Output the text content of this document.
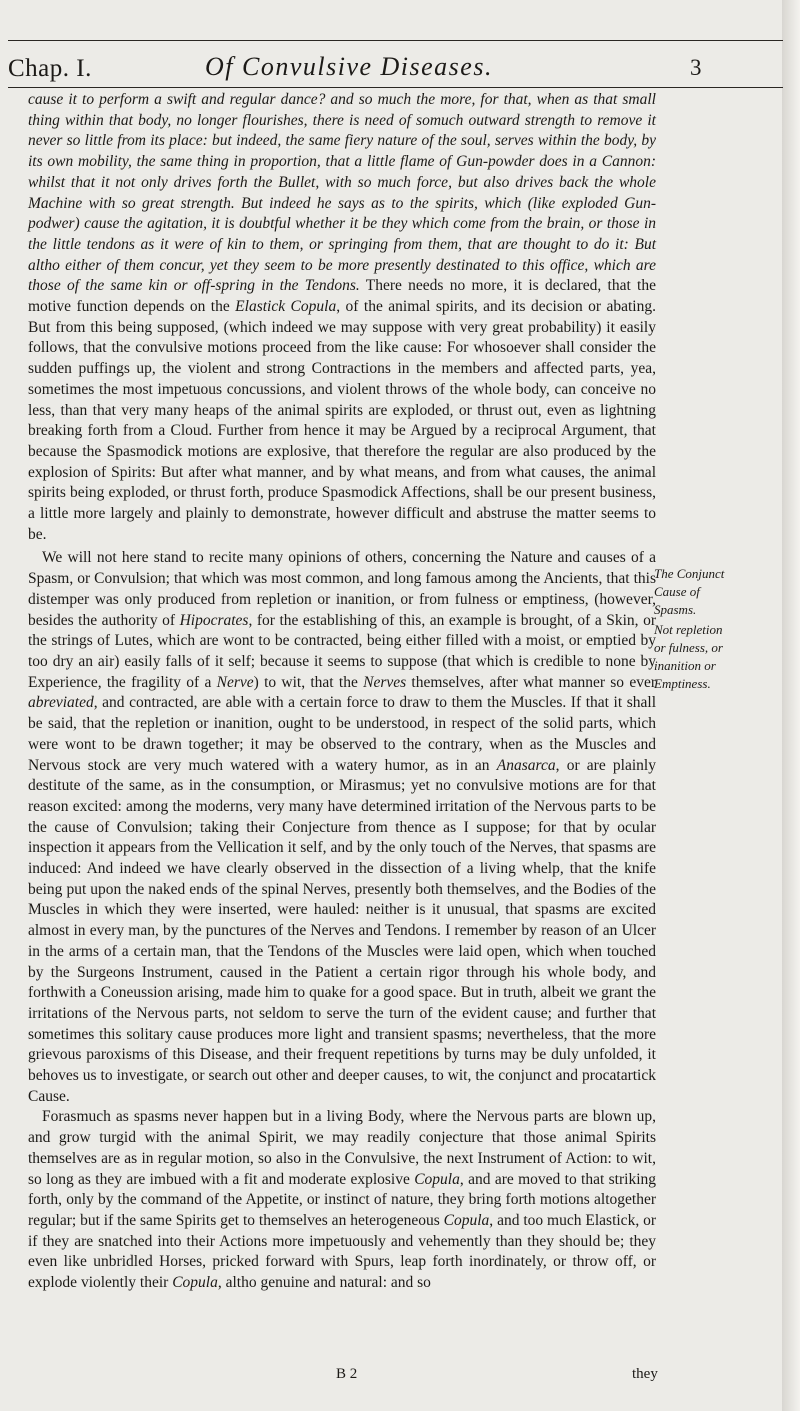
Chap. I.	Of Convulsive Diseases.	3

cause it to perform a swift and regular dance? and so much the more, for that, when as that small thing within that body, no longer flourishes, there is need of somuch outward strength to remove it never so little from its place: but indeed, the same fiery nature of the soul, serves within the body, by its own mobility, the same thing in proportion, that a little flame of Gun-powder does in a Cannon: whilst that it not only drives forth the Bullet, with so much force, but also drives back the whole Machine with so great strength. But indeed he says as to the spirits, which (like exploded Gun-podwer) cause the agitation, it is doubtful whether it be they which come from the brain, or those in the little tendons as it were of kin to them, or springing from them, that are thought to do it: But altho either of them concur, yet they seem to be more presently destinated to this office, which are those of the same kin or off-spring in the Tendons. There needs no more, it is declared, that the motive function depends on the Elastick Copula, of the animal spirits, and its decision or abating. But from this being supposed, (which indeed we may suppose with very great probability) it easily follows, that the convulsive motions proceed from the like cause: For whosoever shall consider the sudden puffings up, the violent and strong Contractions in the members and affected parts, yea, sometimes the most impetuous concussions, and violent throws of the whole body, can conceive no less, than that very many heaps of the animal spirits are exploded, or thrust out, even as lightning breaking forth from a Cloud. Further from hence it may be Argued by a reciprocal Argument, that because the Spasmodick motions are explosive, that therefore the regular are also produced by the explosion of Spirits: But after what manner, and by what means, and from what causes, the animal spirits being exploded, or thrust forth, produce Spasmodick Affections, shall be our present business, a little more largely and plainly to demonstrate, however difficult and abstruse the matter seems to be.

We will not here stand to recite many opinions of others, concerning the Nature and causes of a Spasm, or Convulsion; that which was most common, and long famous among the Ancients, that this distemper was only produced from repletion or inanition, or from fulness or emptiness, (however, besides the authority of Hipocrates, for the establishing of this, an example is brought, of a Skin, or the strings of Lutes, which are wont to be contracted, being either filled with a moist, or emptied by too dry an air) easily falls of it self; because it seems to suppose (that which is credible to none by Experience, the fragility of a Nerve) to wit, that the Nerves themselves, after what manner so ever abreviated, and contracted, are able with a certain force to draw to them the Muscles. If that it shall be said, that the repletion or inanition, ought to be understood, in respect of the solid parts, which were wont to be drawn together; it may be observed to the contrary, when as the Muscles and Nervous stock are very much watered with a watery humor, as in an Anasarca, or are plainly destitute of the same, as in the consumption, or Mirasmus; yet no convulsive motions are for that reason excited: among the moderns, very many have determined irritation of the Nervous parts to be the cause of Convulsion; taking their Conjecture from thence as I suppose; for that by ocular inspection it appears from the Vellication it self, and by the only touch of the Nerves, that spasms are induced: And indeed we have clearly observed in the dissection of a living whelp, that the knife being put upon the naked ends of the spinal Nerves, presently both themselves, and the Bodies of the Muscles in which they were inserted, were hauled: neither is it unusual, that spasms are excited almost in every man, by the punctures of the Nerves and Tendons. I remember by reason of an Ulcer in the arms of a certain man, that the Tendons of the Muscles were laid open, which when touched by the Surgeons Instrument, caused in the Patient a certain rigor through his whole body, and forthwith a Coneussion arising, made him to quake for a good space. But in truth, albeit we grant the irritations of the Nervous parts, not seldom to serve the turn of the evident cause; and further that sometimes this solitary cause produces more light and transient spasms; nevertheless, that the more grievous paroxisms of this Disease, and their frequent repetitions by turns may be duly unfolded, it behoves us to investigate, or search out other and deeper causes, to wit, the conjunct and procatartick Cause.

Forasmuch as spasms never happen but in a living Body, where the Nervous parts are blown up, and grow turgid with the animal Spirit, we may readily conjecture that those animal Spirits themselves are as in regular motion, so also in the Convulsive, the next Instrument of Action: to wit, so long as they are imbued with a fit and moderate explosive Copula, and are moved to that striking forth, only by the command of the Appetite, or instinct of nature, they bring forth motions altogether regular; but if the same Spirits get to themselves an heterogeneous Copula, and too much Elastick, or if they are snatched into their Actions more impetuously and vehemently than they should be; they even like unbridled Horses, pricked forward with Spurs, leap forth inordinately, or throw off, or explode violently their Copula, altho genuine and natural: and so

The Conjunct
Cause of
Spasms.
Not repletion
or fulness, or
inanition or
Emptiness.
B 2	they
